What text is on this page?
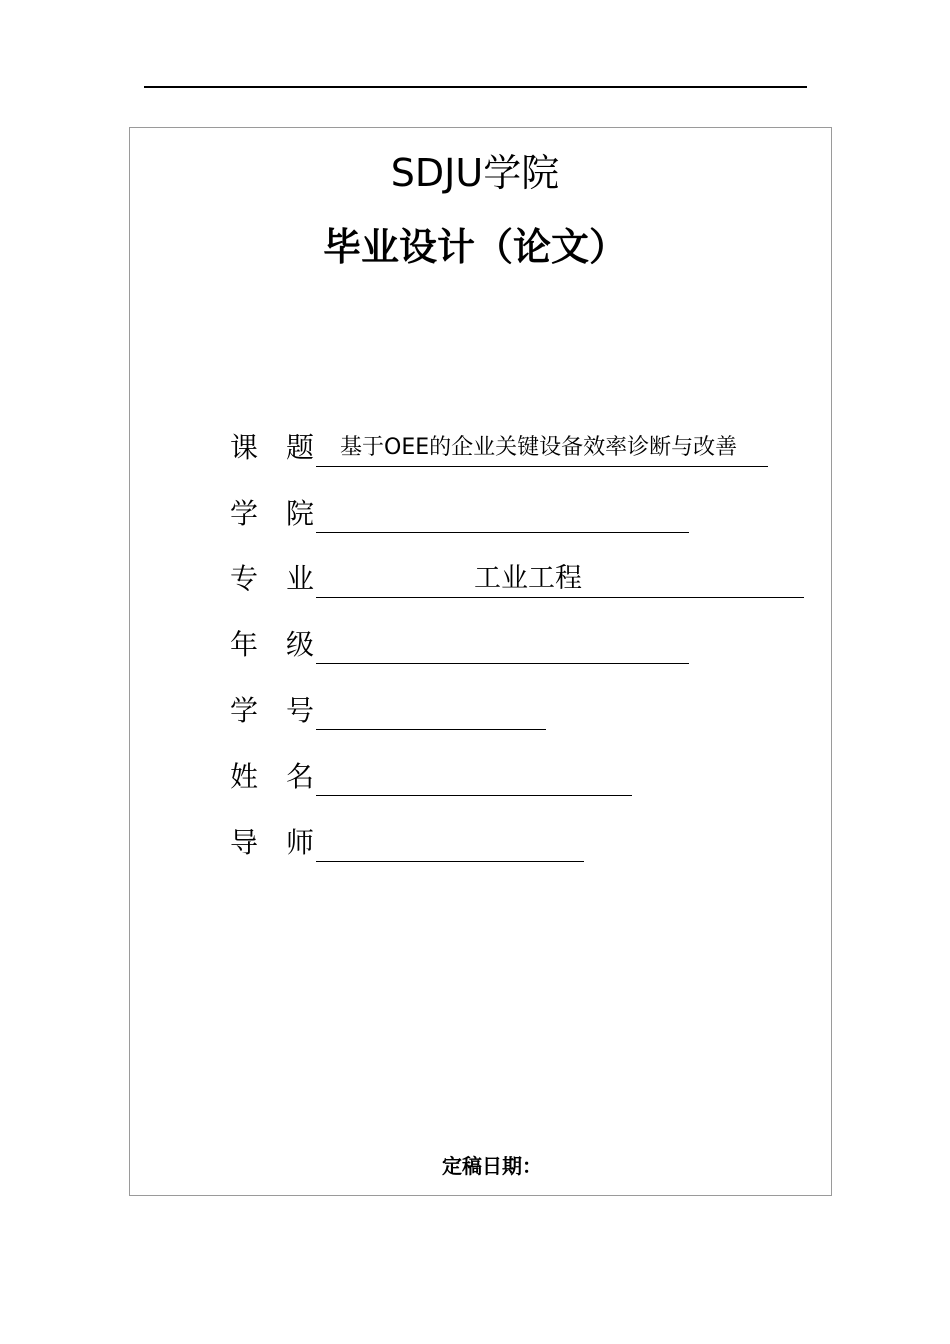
SDJU学院
毕业设计（论文）
课题
基于OEE的企业关键设备效率诊断与改善
学院
专业	工业工程
年级
学号
姓名
导师
定稿日期：
